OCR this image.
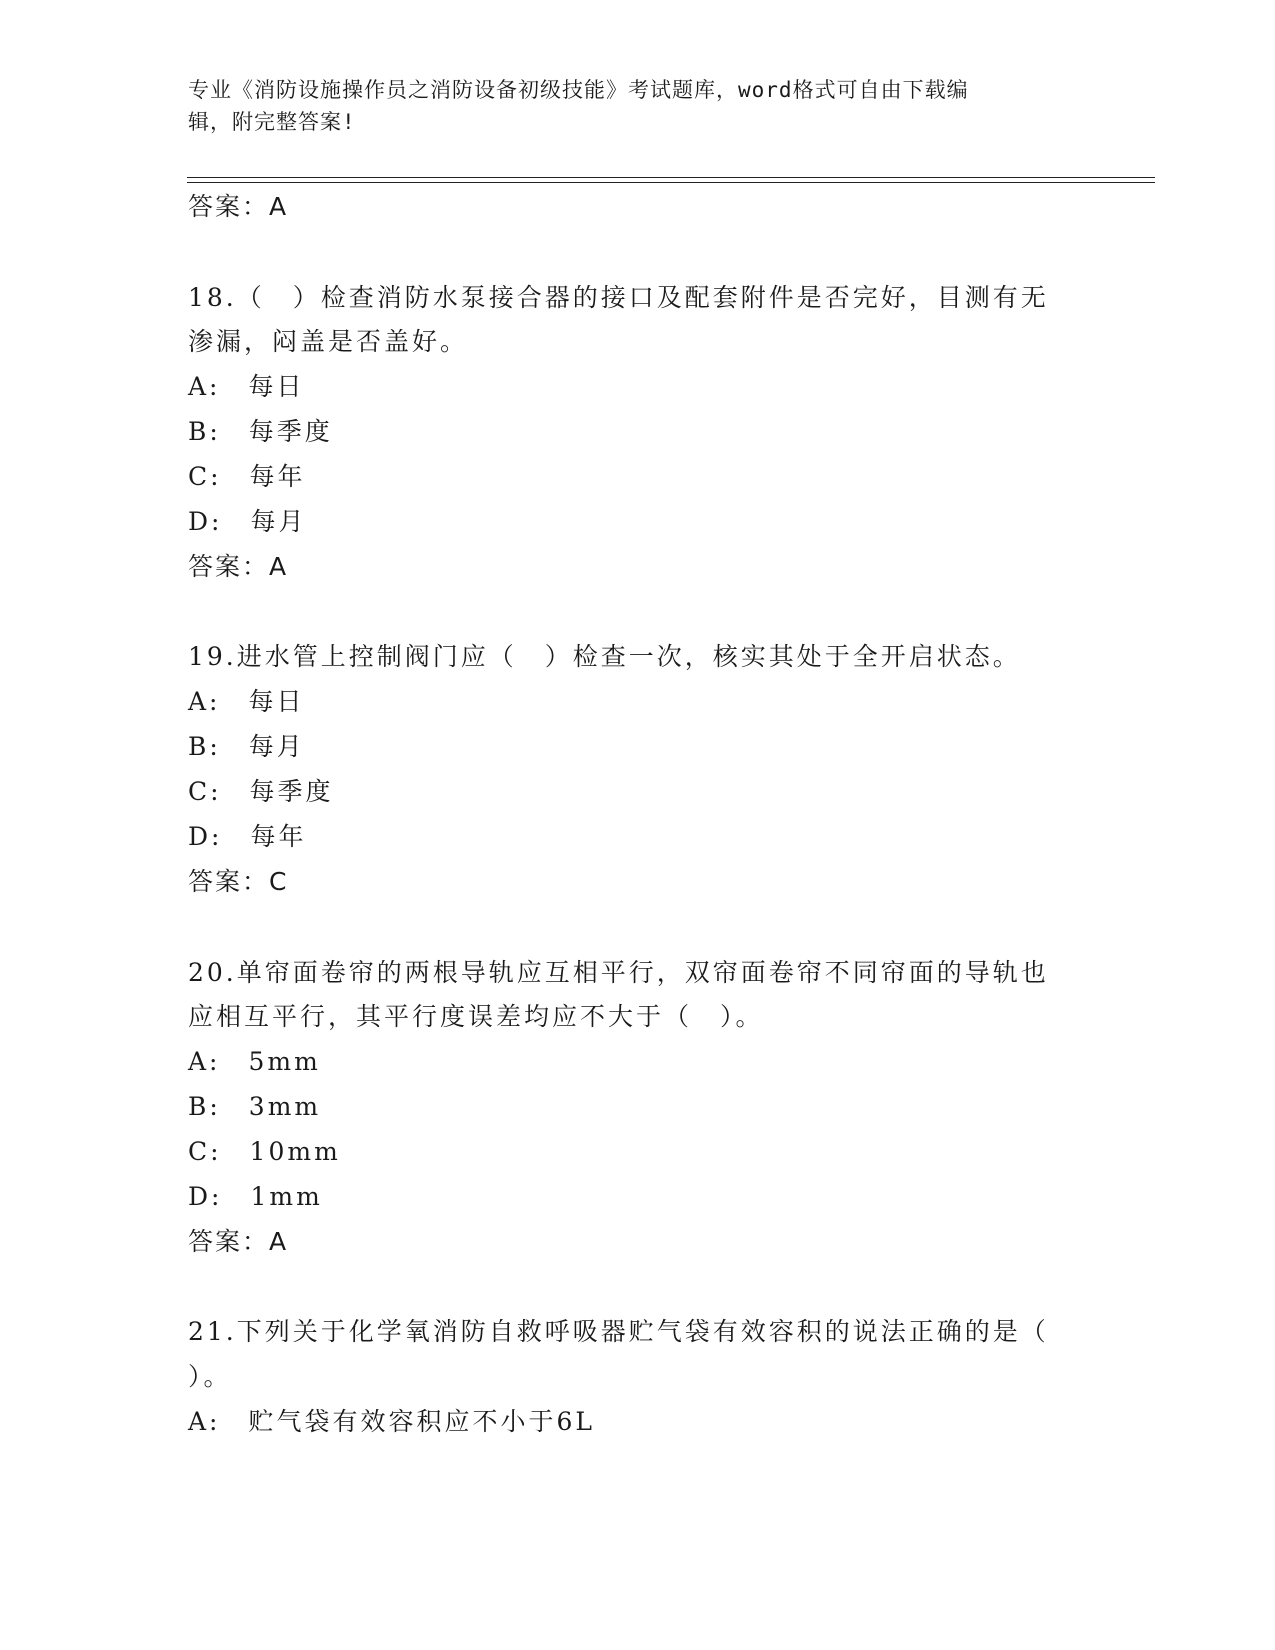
专业《消防设施操作员之消防设备初级技能》考试题库，word格式可自由下载编
辑，附完整答案!
答案：A
18.（　）检查消防水泵接合器的接口及配套附件是否完好，目测有无
渗漏，闷盖是否盖好。
A:　每日
B:　每季度
C:　每年
D:　每月
答案：A
19.进水管上控制阀门应（　）检查一次，核实其处于全开启状态。
A:　每日
B:　每月
C:　每季度
D:　每年
答案：C
20.单帘面卷帘的两根导轨应互相平行，双帘面卷帘不同帘面的导轨也
应相互平行，其平行度误差均应不大于（　）。
A:　5mm
B:　3mm
C:　10mm
D:　1mm
答案：A
21.下列关于化学氧消防自救呼吸器贮气袋有效容积的说法正确的是（
）。
A:　贮气袋有效容积应不小于6L
